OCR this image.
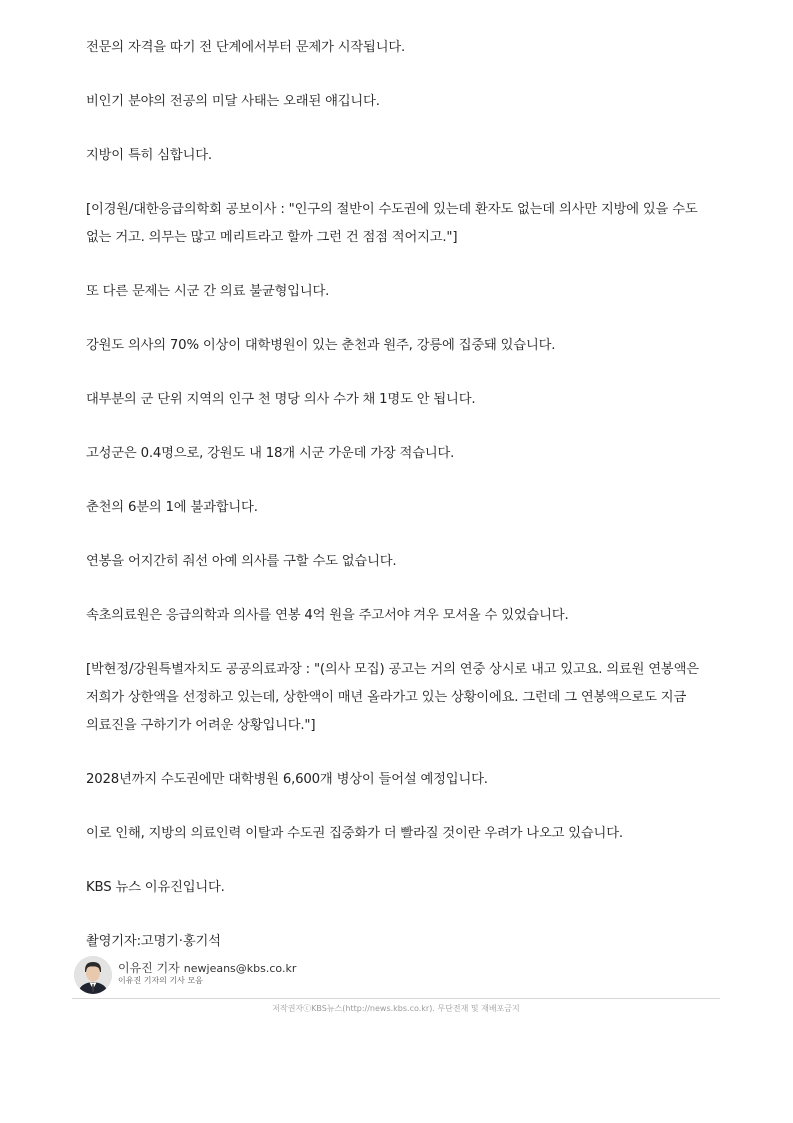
전문의 자격을 따기 전 단계에서부터 문제가 시작됩니다.

비인기 분야의 전공의 미달 사태는 오래된 얘깁니다.

지방이 특히 심합니다.

[이경원/대한응급의학회 공보이사 : "인구의 절반이 수도권에 있는데 환자도 없는데 의사만 지방에 있을 수도 없는 거고. 의무는 많고 메리트라고 할까 그런 건 점점 적어지고."]

또 다른 문제는 시군 간 의료 불균형입니다.

강원도 의사의 70% 이상이 대학병원이 있는 춘천과 원주, 강릉에 집중돼 있습니다.

대부분의 군 단위 지역의 인구 천 명당 의사 수가 채 1명도 안 됩니다.

고성군은 0.4명으로, 강원도 내 18개 시군 가운데 가장 적습니다.

춘천의 6분의 1에 불과합니다.

연봉을 어지간히 줘선 아예 의사를 구할 수도 없습니다.

속초의료원은 응급의학과 의사를 연봉 4억 원을 주고서야 겨우 모셔올 수 있었습니다.

[박현정/강원특별자치도 공공의료과장 : "(의사 모집) 공고는 거의 연중 상시로 내고 있고요. 의료원 연봉액은 저희가 상한액을 선정하고 있는데, 상한액이 매년 올라가고 있는 상황이에요. 그런데 그 연봉액으로도 지금 의료진을 구하기가 어려운 상황입니다."]

2028년까지 수도권에만 대학병원 6,600개 병상이 들어설 예정입니다.

이로 인해, 지방의 의료인력 이탈과 수도권 집중화가 더 빨라질 것이란 우려가 나오고 있습니다.

KBS 뉴스 이유진입니다.

촬영기자:고명기·홍기석

이유진 기자 newjeans@kbs.co.kr
이유진 기자의 기사 모음
저작권자ⓒKBS뉴스(http://news.kbs.co.kr). 무단전재 및 재배포금지
